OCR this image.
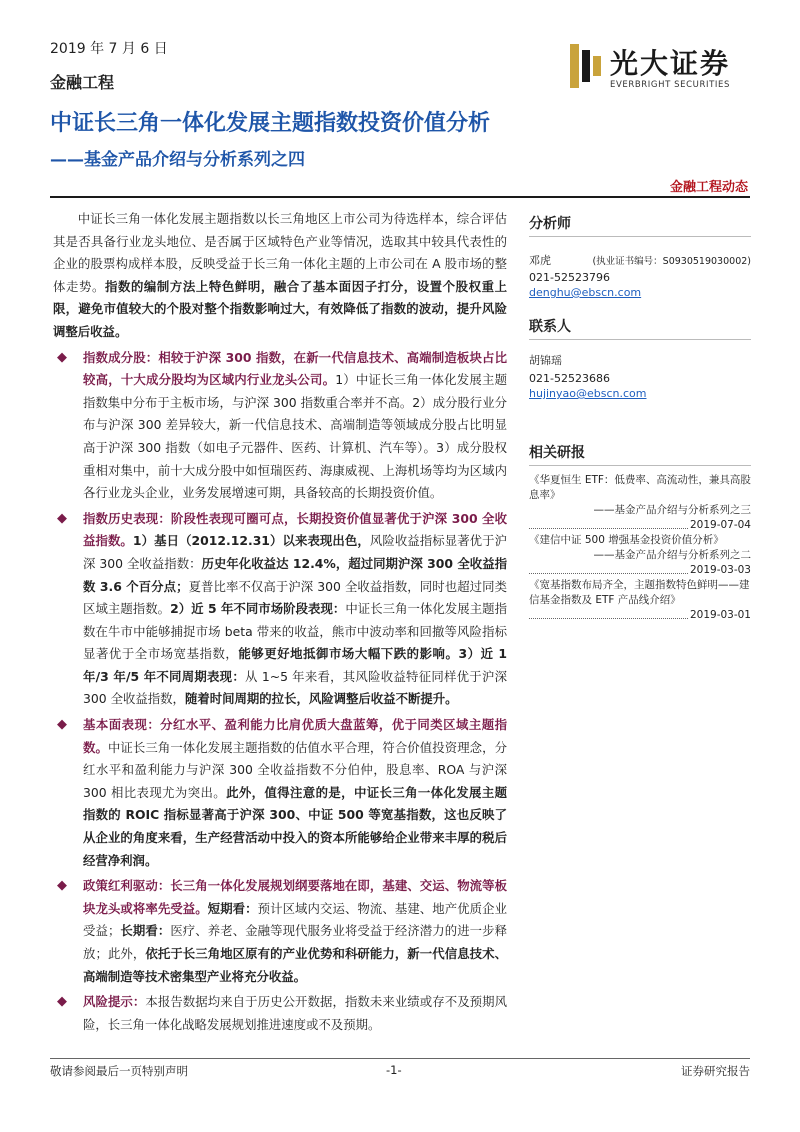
2019 年 7 月 6 日
金融工程
中证长三角一体化发展主题指数投资价值分析
——基金产品介绍与分析系列之四
金融工程动态
光大证券
EVERBRIGHT SECURITIES

中证长三角一体化发展主题指数以长三角地区上市公司为待选样本，综合评估其是否具备行业龙头地位、是否属于区域特色产业等情况，选取其中较具代表性的企业的股票构成样本股，反映受益于长三角一体化主题的上市公司在 A 股市场的整体走势。指数的编制方法上特色鲜明，融合了基本面因子打分，设置个股权重上限，避免市值较大的个股对整个指数影响过大，有效降低了指数的波动，提升风险调整后收益。

◆ 指数成分股：相较于沪深 300 指数，在新一代信息技术、高端制造板块占比较高，十大成分股均为区域内行业龙头公司。1）中证长三角一体化发展主题指数集中分布于主板市场，与沪深 300 指数重合率并不高。2）成分股行业分布与沪深 300 差异较大，新一代信息技术、高端制造等领域成分股占比明显高于沪深 300 指数（如电子元器件、医药、计算机、汽车等）。3）成分股权重相对集中，前十大成分股中如恒瑞医药、海康威视、上海机场等均为区域内各行业龙头企业，业务发展增速可期，具备较高的长期投资价值。

◆ 指数历史表现：阶段性表现可圈可点，长期投资价值显著优于沪深 300 全收益指数。1）基日（2012.12.31）以来表现出色，风险收益指标显著优于沪深 300 全收益指数：历史年化收益达 12.4%，超过同期沪深 300 全收益指数 3.6 个百分点；夏普比率不仅高于沪深 300 全收益指数，同时也超过同类区域主题指数。2）近 5 年不同市场阶段表现：中证长三角一体化发展主题指数在牛市中能够捕捉市场 beta 带来的收益，熊市中波动率和回撤等风险指标显著优于全市场宽基指数，能够更好地抵御市场大幅下跌的影响。3）近 1 年/3 年/5 年不同周期表现：从 1~5 年来看，其风险收益特征同样优于沪深 300 全收益指数，随着时间周期的拉长，风险调整后收益不断提升。

◆ 基本面表现：分红水平、盈利能力比肩优质大盘蓝筹，优于同类区域主题指数。中证长三角一体化发展主题指数的估值水平合理，符合价值投资理念，分红水平和盈利能力与沪深 300 全收益指数不分伯仲，股息率、ROA 与沪深 300 相比表现尤为突出。此外，值得注意的是，中证长三角一体化发展主题指数的 ROIC 指标显著高于沪深 300、中证 500 等宽基指数，这也反映了从企业的角度来看，生产经营活动中投入的资本所能够给企业带来丰厚的税后经营净利润。

◆ 政策红利驱动：长三角一体化发展规划纲要落地在即，基建、交运、物流等板块龙头或将率先受益。短期看：预计区域内交运、物流、基建、地产优质企业受益；长期看：医疗、养老、金融等现代服务业将受益于经济潜力的进一步释放；此外，依托于长三角地区原有的产业优势和科研能力，新一代信息技术、高端制造等技术密集型产业将充分收益。

◆ 风险提示：本报告数据均来自于历史公开数据，指数未来业绩或存不及预期风险，长三角一体化战略发展规划推进速度或不及预期。

分析师
邓虎	(执业证书编号：S0930519030002)
021-52523796
denghu@ebscn.com
联系人
胡锦瑶
021-52523686
hujinyao@ebscn.com
相关研报
《华夏恒生 ETF：低费率、高流动性，兼具高股息率》
——基金产品介绍与分析系列之三
2019-07-04
《建信中证 500 增强基金投资价值分析》
——基金产品介绍与分析系列之二
2019-03-03
《宽基指数布局齐全，主题指数特色鲜明——建信基金指数及 ETF 产品线介绍》
2019-03-01
敬请参阅最后一页特别声明	-1-	证券研究报告
